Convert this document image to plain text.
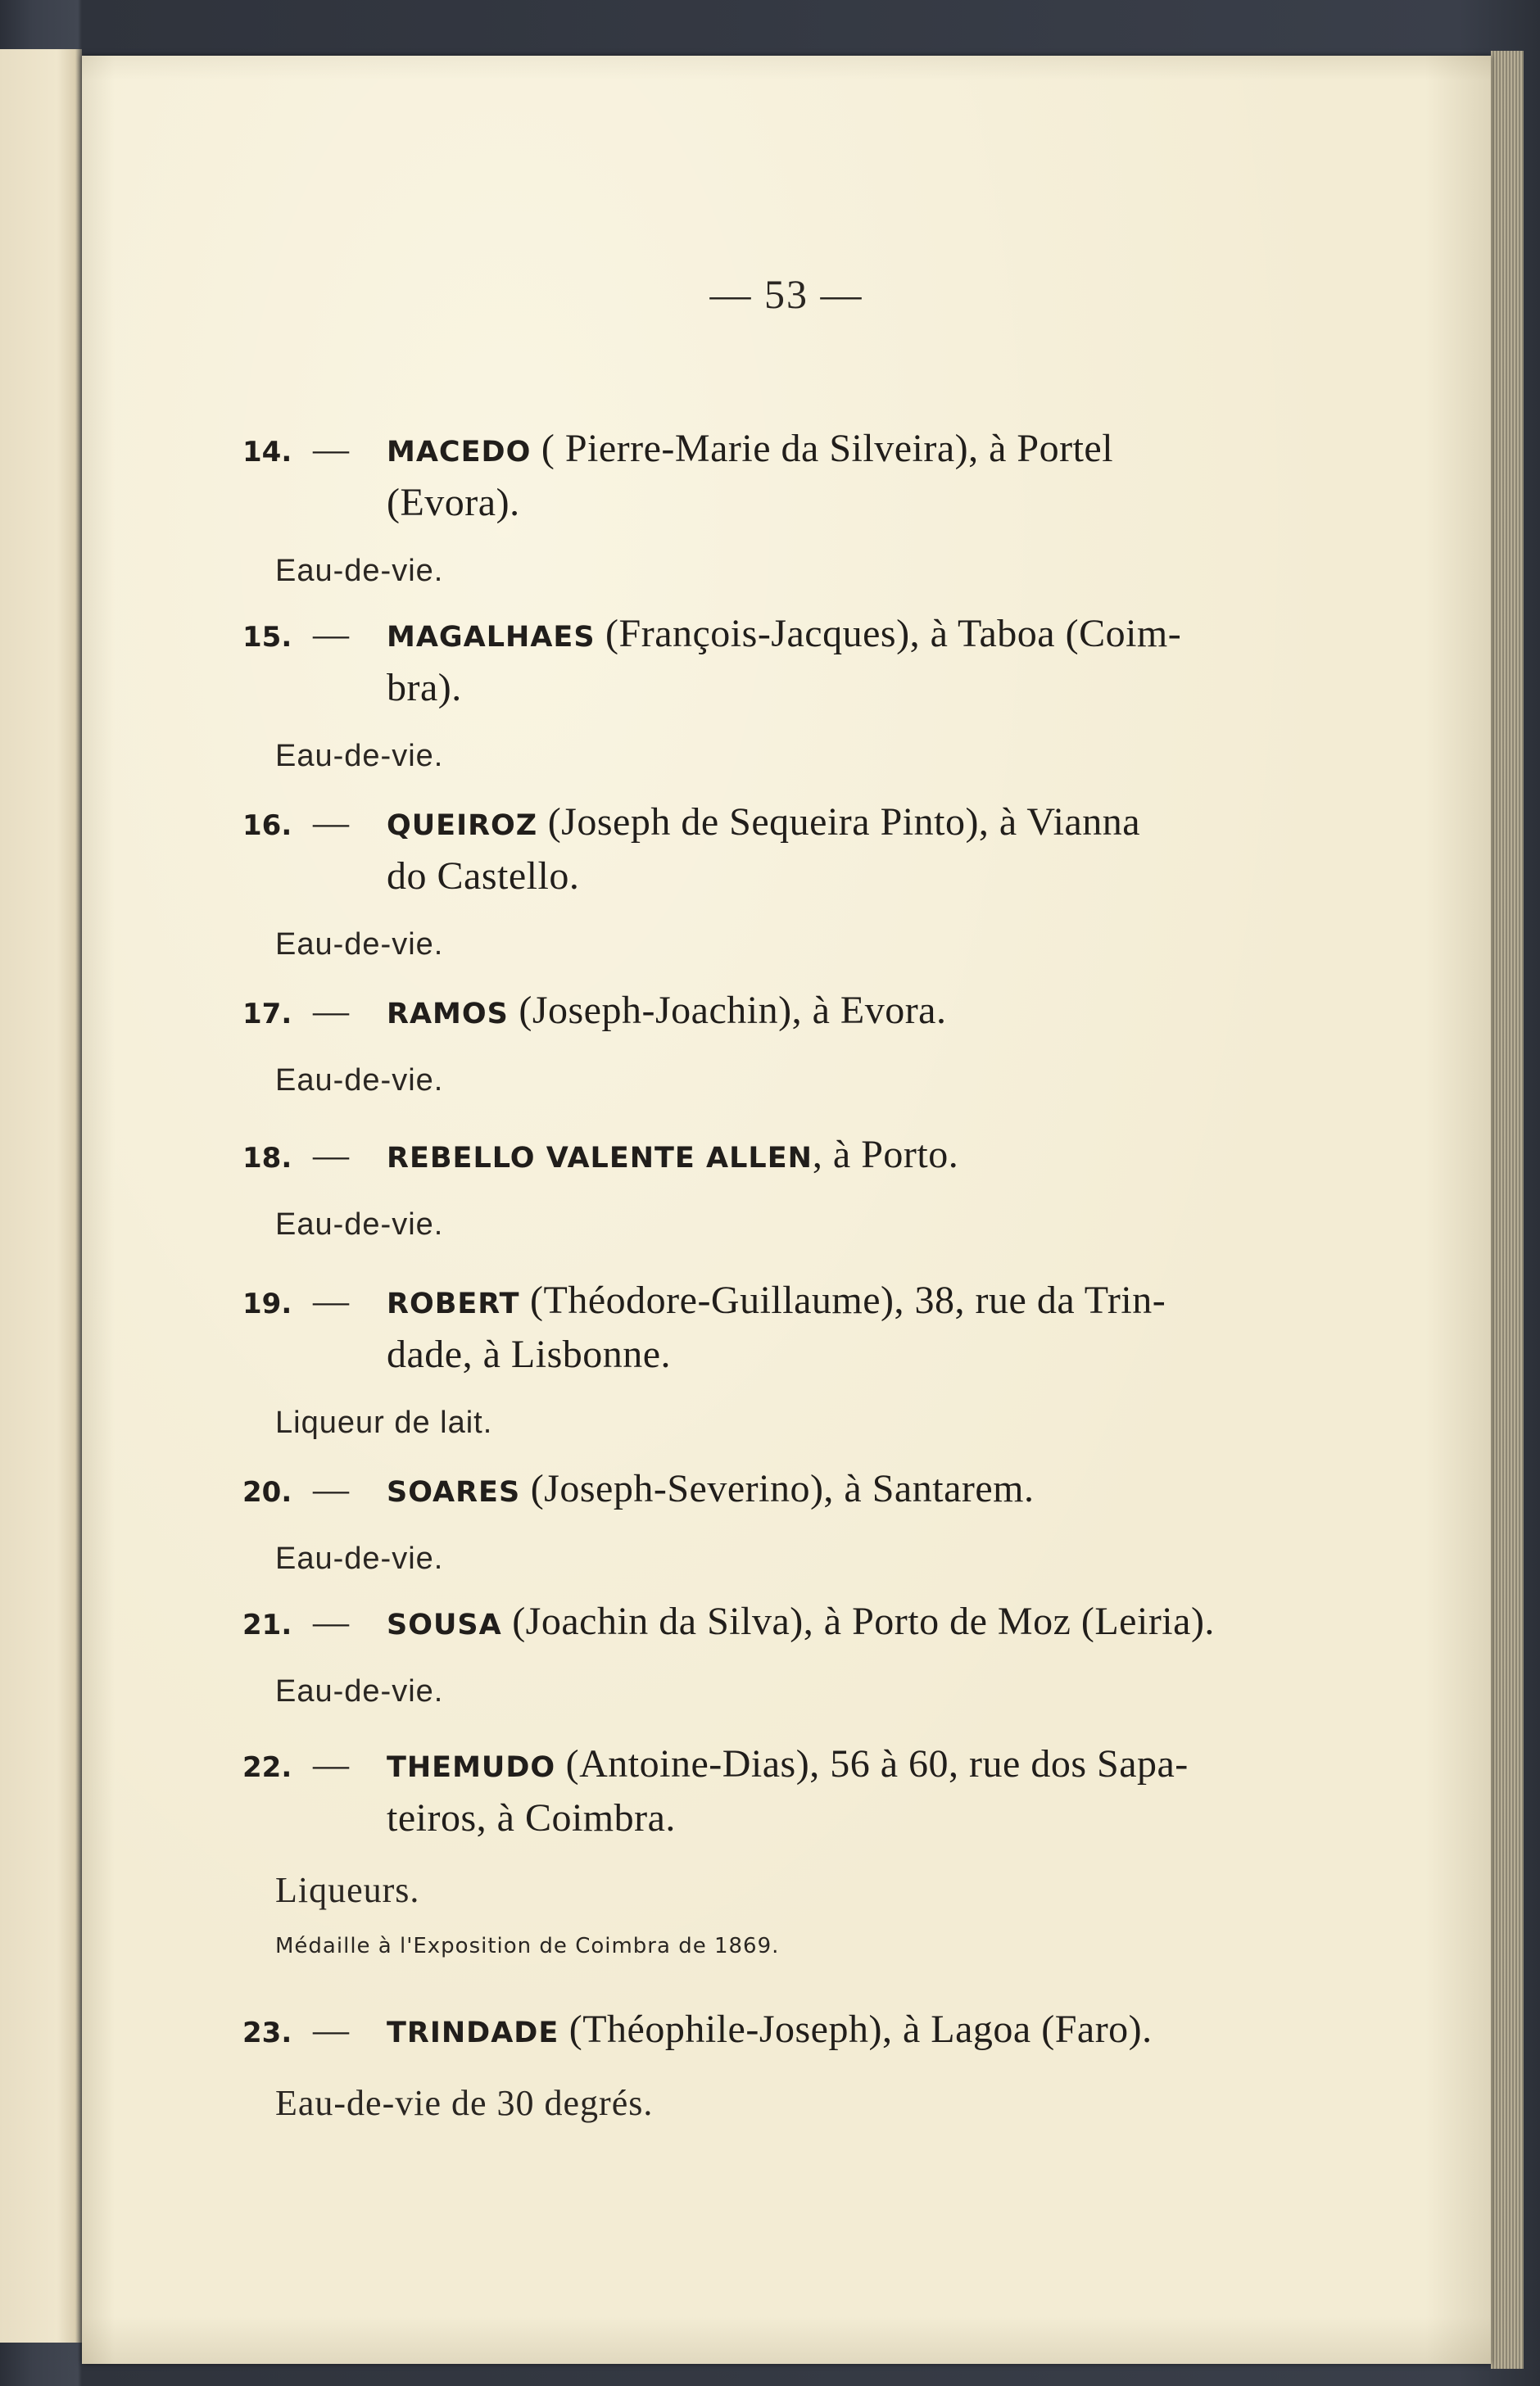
— 53 —
14. — MACEDO ( Pierre-Marie da Silveira), à Portel
(Evora).
Eau-de-vie.
15. — MAGALHAES (François-Jacques), à Taboa (Coim-
bra).
Eau-de-vie.
16. — QUEIROZ (Joseph de Sequeira Pinto), à Vianna
do Castello.
Eau-de-vie.
17. — RAMOS (Joseph-Joachin), à Evora.
Eau-de-vie.
18. — REBELLO VALENTE ALLEN, à Porto.
Eau-de-vie.
19. — ROBERT (Théodore-Guillaume), 38, rue da Trin-
dade, à Lisbonne.
Liqueur de lait.
20. — SOARES (Joseph-Severino), à Santarem.
Eau-de-vie.
21. — SOUSA (Joachin da Silva), à Porto de Moz (Leiria).
Eau-de-vie.
22. — THEMUDO (Antoine-Dias), 56 à 60, rue dos Sapa-
teiros, à Coimbra.
Liqueurs.
Médaille à l'Exposition de Coimbra de 1869.
23. — TRINDADE (Théophile-Joseph), à Lagoa (Faro).
Eau-de-vie de 30 degrés.
